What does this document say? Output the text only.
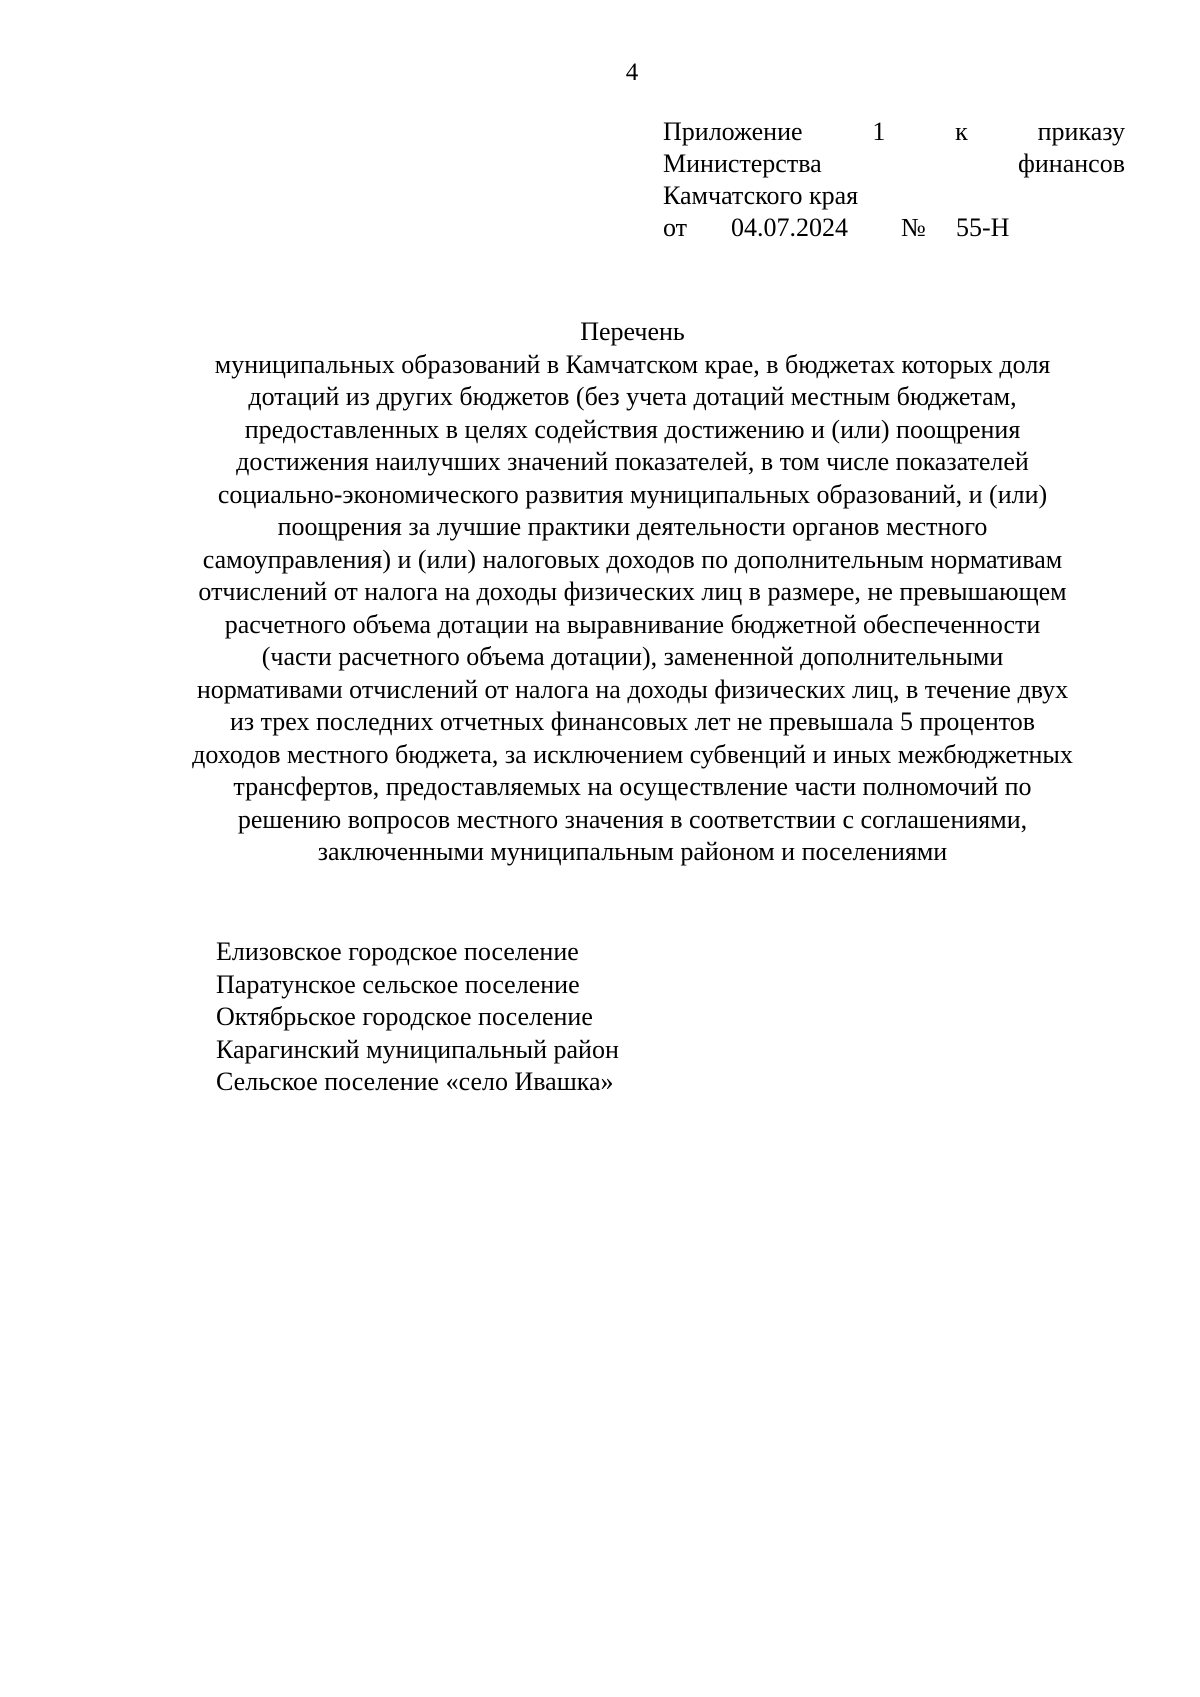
4
Приложение	1	к	приказу
Министерства	финансов
Камчатского края
от	04.07.2024	№	55-Н
Перечень
муниципальных образований в Камчатском крае, в бюджетах которых доля
дотаций из других бюджетов (без учета дотаций местным бюджетам,
предоставленных в целях содействия достижению и (или) поощрения
достижения наилучших значений показателей, в том числе показателей
социально-экономического развития муниципальных образований, и (или)
поощрения за лучшие практики деятельности органов местного
самоуправления) и (или) налоговых доходов по дополнительным нормативам
отчислений от налога на доходы физических лиц в размере, не превышающем
расчетного объема дотации на выравнивание бюджетной обеспеченности
(части расчетного объема дотации), замененной дополнительными
нормативами отчислений от налога на доходы физических лиц, в течение двух
из трех последних отчетных финансовых лет не превышала 5 процентов
доходов местного бюджета, за исключением субвенций и иных межбюджетных
трансфертов, предоставляемых на осуществление части полномочий по
решению вопросов местного значения в соответствии с соглашениями,
заключенными муниципальным районом и поселениями
Елизовское городское поселение
Паратунское сельское поселение
Октябрьское городское поселение
Карагинский муниципальный район
Сельское поселение «село Ивашка»
